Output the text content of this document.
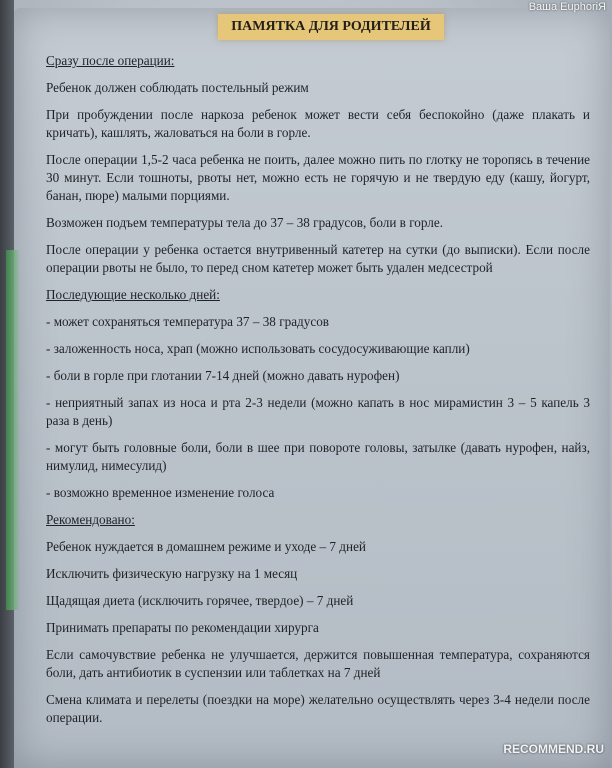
Ваша EuphoriЯ
ПАМЯТКА ДЛЯ РОДИТЕЛЕЙ
Сразу после операции:
Ребенок должен соблюдать постельный режим
При пробуждении после наркоза ребенок может вести себя беспокойно (даже плакать и кричать), кашлять, жаловаться на боли в горле.
После операции 1,5-2 часа ребенка не поить, далее можно пить по глотку не торопясь в течение 30 минут. Если тошноты, рвоты нет, можно есть не горячую и не твердую еду (кашу, йогурт, банан, пюре) малыми порциями.
Возможен подъем температуры тела до 37 – 38 градусов, боли в горле.
После операции у ребенка остается внутривенный катетер на сутки (до выписки). Если после операции рвоты не было, то перед сном катетер может быть удален медсестрой
Последующие несколько дней:
- может сохраняться температура 37 – 38 градусов
- заложенность носа, храп (можно использовать сосудосуживающие капли)
- боли в горле при глотании 7-14 дней (можно давать нурофен)
- неприятный запах из носа и рта 2-3 недели (можно капать в нос мирамистин 3 – 5 капель 3 раза в день)
- могут быть головные боли, боли в шее при повороте головы, затылке (давать нурофен, найз, нимулид, нимесулид)
- возможно временное изменение голоса
Рекомендовано:
Ребенок нуждается в домашнем режиме и уходе – 7 дней
Исключить физическую нагрузку на 1 месяц
Щадящая диета (исключить горячее, твердое) – 7 дней
Принимать препараты по рекомендации хирурга
Если самочувствие ребенка не улучшается, держится повышенная температура, сохраняются боли, дать антибиотик в суспензии или таблетках на 7 дней
Смена климата и перелеты (поездки на море) желательно осуществлять через 3-4 недели после операции.
RECOMMEND.RU
